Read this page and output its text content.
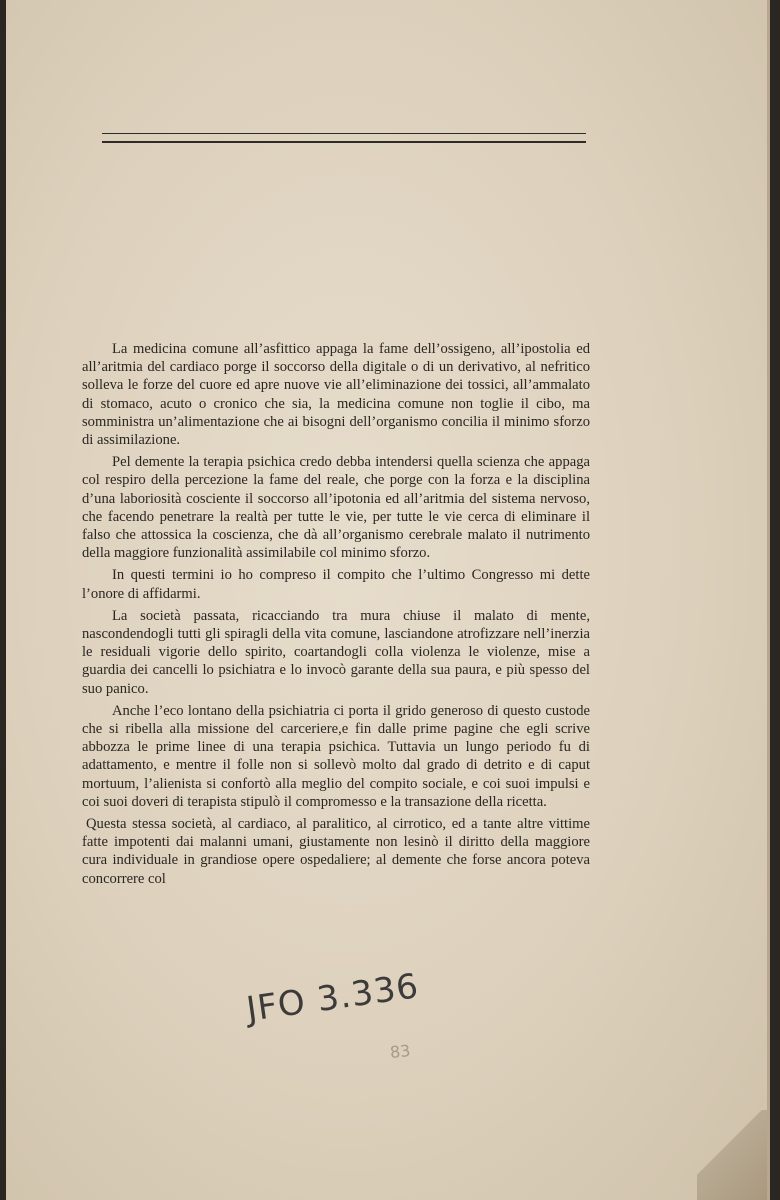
La medicina comune all’asfittico appaga la fame dell’ossigeno, all’ipostolia ed all’aritmia del cardiaco porge il soccorso della digitale o di un derivativo, al nefritico solleva le forze del cuore ed apre nuove vie all’eliminazione dei tossici, all’ammalato di stomaco, acuto o cronico che sia, la medicina comune non toglie il cibo, ma somministra un’alimentazione che ai bisogni dell’organismo concilia il minimo sforzo di assimilazione.

Pel demente la terapia psichica credo debba intendersi quella scienza che appaga col respiro della percezione la fame del reale, che porge con la forza e la disciplina d’una laboriosità cosciente il soccorso all’ipotonia ed all’aritmia del sistema nervoso, che facendo penetrare la realtà per tutte le vie, per tutte le vie cerca di eliminare il falso che attossica la coscienza, che dà all’organismo cerebrale malato il nutrimento della maggiore funzionalità assimilabile col minimo sforzo.

In questi termini io ho compreso il compito che l’ultimo Congresso mi dette l’onore di affidarmi.

La società passata, ricacciando tra mura chiuse il malato di mente, nascondendogli tutti gli spiragli della vita comune, lasciandone atrofizzare nell’inerzia le residuali vigorie dello spirito, coartandogli colla violenza le violenze, mise a guardia dei cancelli lo psichiatra e lo invocò garante della sua paura, e più spesso del suo panico.

Anche l’eco lontano della psichiatria ci porta il grido generoso di questo custode che si ribella alla missione del carceriere,e fin dalle prime pagine che egli scrive abbozza le prime linee di una terapia psichica. Tuttavia un lungo periodo fu di adattamento, e mentre il folle non si sollevò molto dal grado di detrito e di caput mortuum, l’alienista si confortò alla meglio del compito sociale, e coi suoi impulsi e coi suoi doveri di terapista stipulò il compromesso e la transazione della ricetta.

Questa stessa società, al cardiaco, al paralitico, al cirrotico, ed a tante altre vittime fatte impotenti dai malanni umani, giustamente non lesinò il diritto della maggiore cura individuale in grandiose opere ospedaliere; al demente che forse ancora poteva concorrere col

JFO 3.336
83
